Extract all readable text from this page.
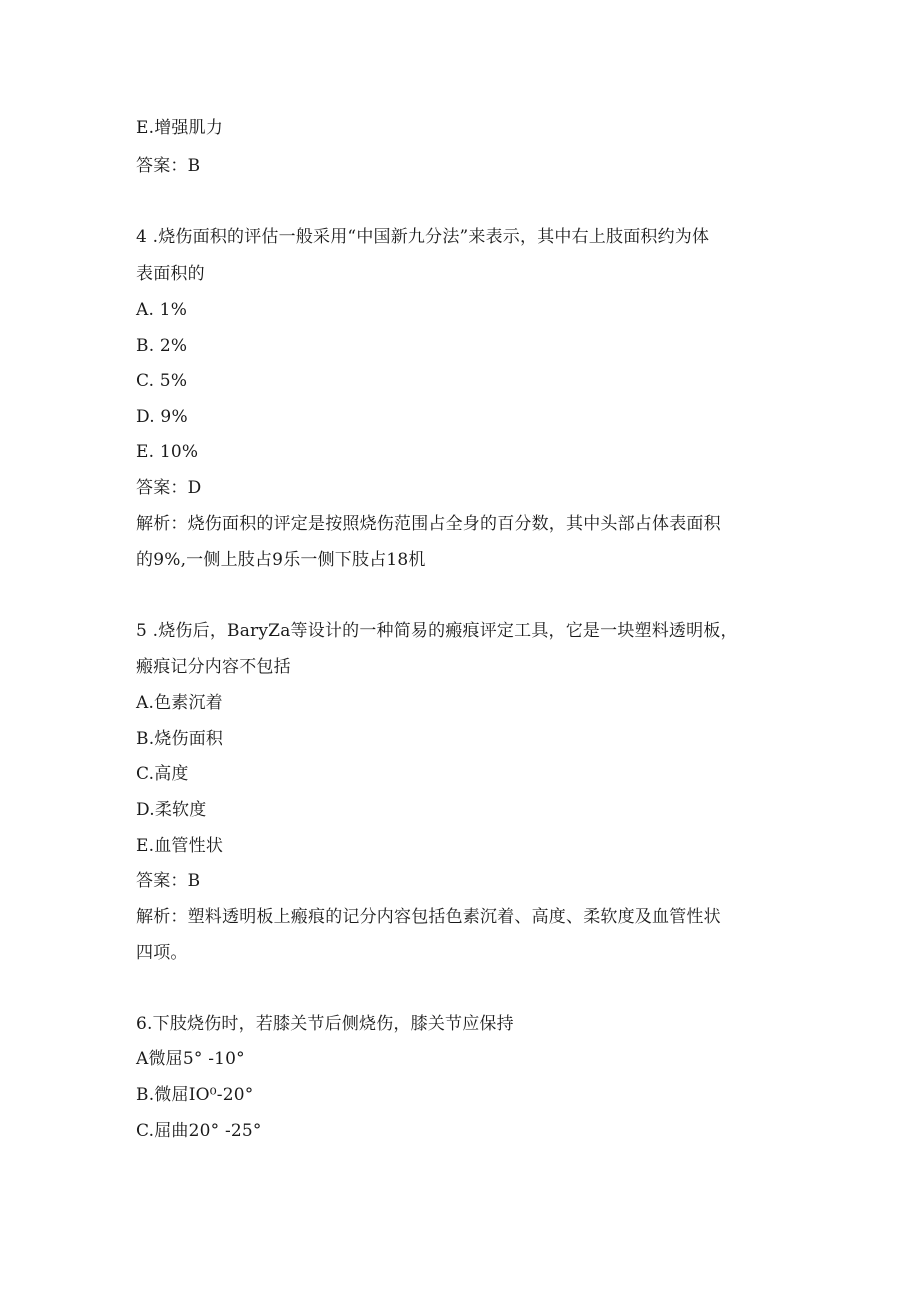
E.增强肌力
答案：B
4 .烧伤面积的评估一般采用“中国新九分法”来表示，其中右上肢面积约为体
表面积的
A. 1%
B. 2%
C. 5%
D. 9%
E. 10%
答案：D
解析：烧伤面积的评定是按照烧伤范围占全身的百分数，其中头部占体表面积
的9%,一侧上肢占9乐一侧下肢占18机
5 .烧伤后，BaryZa等设计的一种简易的瘢痕评定工具，它是一块塑料透明板，
瘢痕记分内容不包括
A.色素沉着
B.烧伤面积
C.高度
D.柔软度
E.血管性状
答案：B
解析：塑料透明板上瘢痕的记分内容包括色素沉着、高度、柔软度及血管性状
四项。
6.下肢烧伤时，若膝关节后侧烧伤，膝关节应保持
A微屈5° -10°
B.微屈IO⁰-20°
C.屈曲20° -25°
